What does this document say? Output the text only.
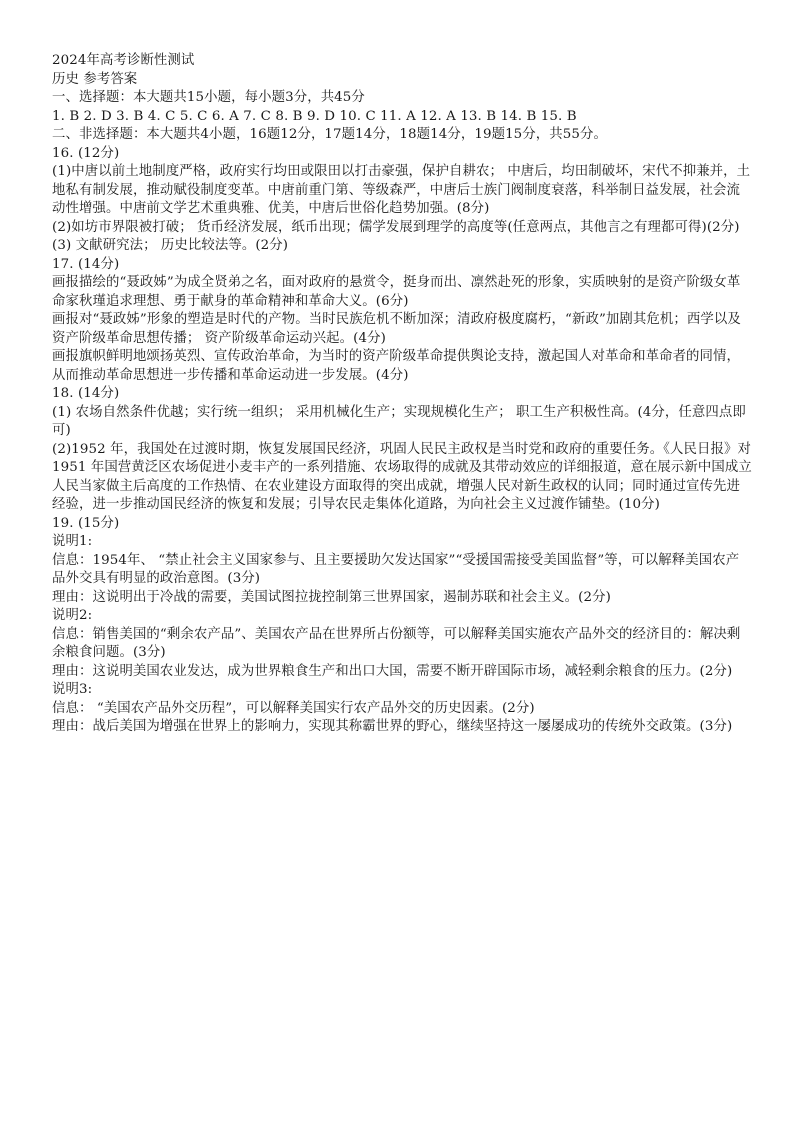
2024年高考诊断性测试
历史 参考答案
一、选择题：本大题共15小题，每小题3分，共45分
1. B 2. D 3. B 4. C 5. C 6. A 7. C 8. B 9. D 10. C 11. A 12. A 13. B 14. B 15. B
二、非选择题：本大题共4小题，16题12分，17题14分，18题14分，19题15分，共55分。
16. (12分)
(1)中唐以前土地制度严格，政府实行均田或限田以打击豪强，保护自耕农； 中唐后，均田制破坏，宋代不抑兼并，土地私有制发展，推动赋役制度变革。中唐前重门第、等级森严，中唐后士族门阀制度衰落，科举制日益发展，社会流动性增强。中唐前文学艺术重典雅、优美，中唐后世俗化趋势加强。(8分)
(2)如坊市界限被打破； 货币经济发展，纸币出现；儒学发展到理学的高度等(任意两点，其他言之有理都可得)(2分)
(3) 文献研究法； 历史比较法等。(2分)
17. (14分)
画报描绘的“聂政姊”为成全贤弟之名，面对政府的悬赏令，挺身而出、凛然赴死的形象，实质映射的是资产阶级女革命家秋瑾追求理想、勇于献身的革命精神和革命大义。(6分)
画报对“聂政姊”形象的塑造是时代的产物。当时民族危机不断加深；清政府极度腐朽，“新政”加剧其危机；西学以及资产阶级革命思想传播； 资产阶级革命运动兴起。(4分)
画报旗帜鲜明地颂扬英烈、宣传政治革命，为当时的资产阶级革命提供舆论支持，激起国人对革命和革命者的同情，从而推动革命思想进一步传播和革命运动进一步发展。(4分)
18. (14分)
(1) 农场自然条件优越；实行统一组织； 采用机械化生产；实现规模化生产； 职工生产积极性高。(4分，任意四点即可)
(2)1952 年，我国处在过渡时期，恢复发展国民经济，巩固人民民主政权是当时党和政府的重要任务。《人民日报》对 1951 年国营黄泛区农场促进小麦丰产的一系列措施、农场取得的成就及其带动效应的详细报道，意在展示新中国成立人民当家做主后高度的工作热情、在农业建设方面取得的突出成就，增强人民对新生政权的认同；同时通过宣传先进经验，进一步推动国民经济的恢复和发展；引导农民走集体化道路，为向社会主义过渡作铺垫。(10分)
19. (15分)
说明1:
信息：1954年、 “禁止社会主义国家参与、且主要援助欠发达国家”“受援国需接受美国监督”等，可以解释美国农产品外交具有明显的政治意图。(3分)
理由：这说明出于冷战的需要，美国试图拉拢控制第三世界国家，遏制苏联和社会主义。(2分)
说明2:
信息：销售美国的“剩余农产品”、美国农产品在世界所占份额等，可以解释美国实施农产品外交的经济目的：解决剩余粮食问题。(3分)
理由：这说明美国农业发达，成为世界粮食生产和出口大国，需要不断开辟国际市场，减轻剩余粮食的压力。(2分)
说明3:
信息： “美国农产品外交历程”，可以解释美国实行农产品外交的历史因素。(2分)
理由：战后美国为增强在世界上的影响力，实现其称霸世界的野心，继续坚持这一屡屡成功的传统外交政策。(3分)
